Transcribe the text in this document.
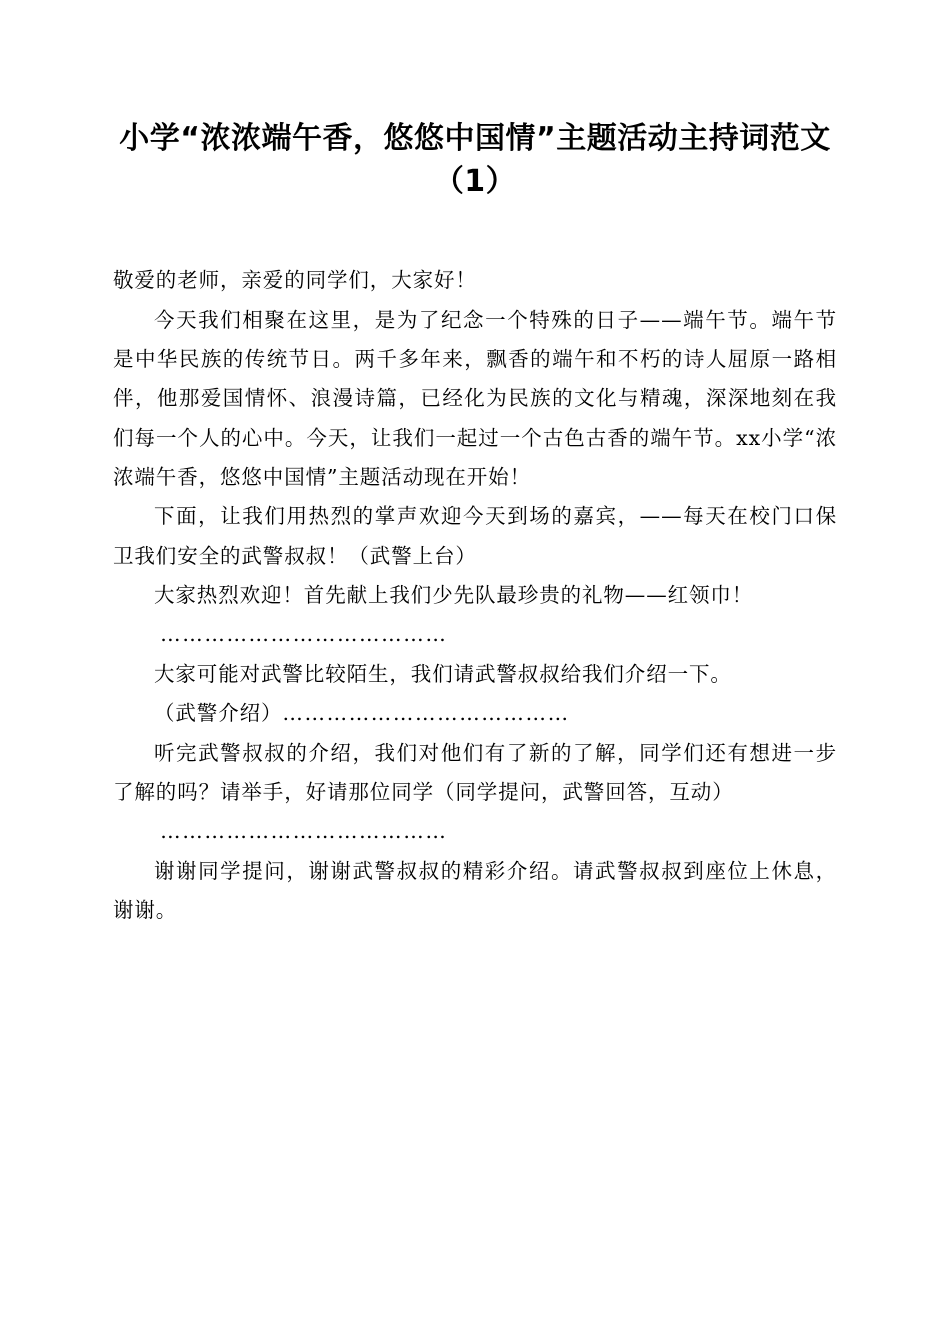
小学“浓浓端午香，悠悠中国情”主题活动主持词范文（1）

敬爱的老师，亲爱的同学们，大家好！

今天我们相聚在这里，是为了纪念一个特殊的日子——端午节。端午节是中华民族的传统节日。两千多年来，飘香的端午和不朽的诗人屈原一路相伴，他那爱国情怀、浪漫诗篇，已经化为民族的文化与精魂，深深地刻在我们每一个人的心中。今天，让我们一起过一个古色古香的端午节。xx小学“浓浓端午香，悠悠中国情”主题活动现在开始！

下面，让我们用热烈的掌声欢迎今天到场的嘉宾，——每天在校门口保卫我们安全的武警叔叔！（武警上台）

大家热烈欢迎！首先献上我们少先队最珍贵的礼物——红领巾！

…………………………………

大家可能对武警比较陌生，我们请武警叔叔给我们介绍一下。

（武警介绍）…………………………………

听完武警叔叔的介绍，我们对他们有了新的了解，同学们还有想进一步了解的吗？请举手，好请那位同学（同学提问，武警回答，互动）

…………………………………

谢谢同学提问，谢谢武警叔叔的精彩介绍。请武警叔叔到座位上休息，谢谢。
